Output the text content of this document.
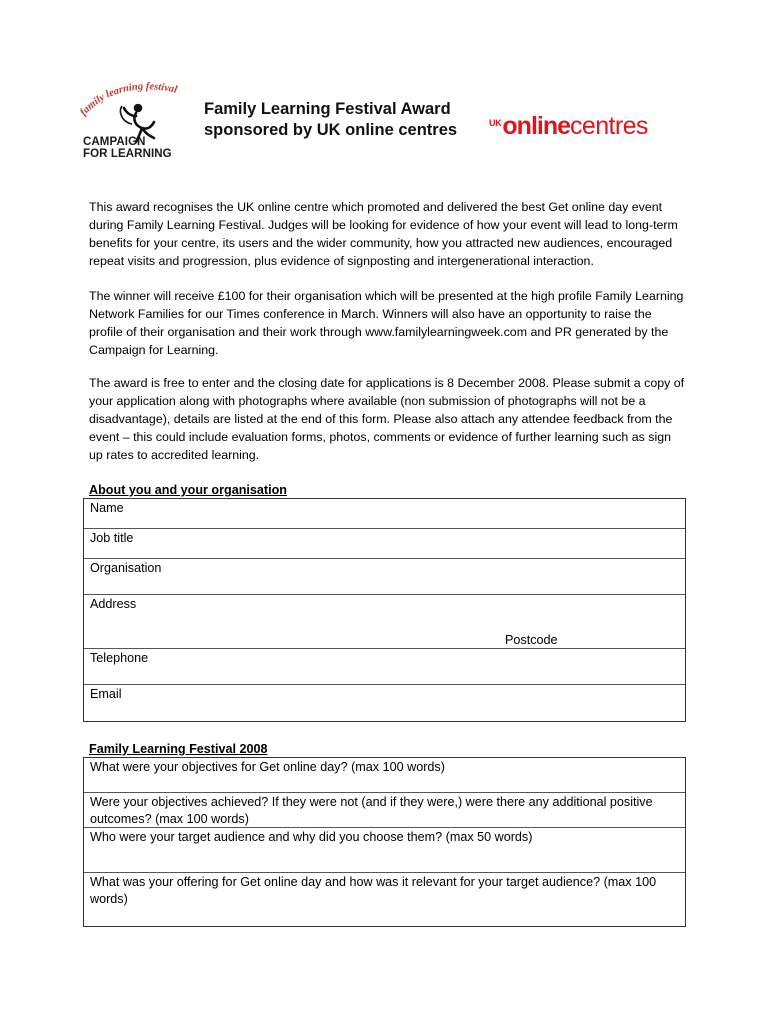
family learning festival
CAMPAIGN
FOR LEARNING
Family Learning Festival Award
sponsored by UK online centres	UK online centres

This award recognises the UK online centre which promoted and delivered the best Get online day event during Family Learning Festival. Judges will be looking for evidence of how your event will lead to long-term benefits for your centre, its users and the wider community, how you attracted new audiences, encouraged repeat visits and progression, plus evidence of signposting and intergenerational interaction.

The winner will receive £100 for their organisation which will be presented at the high profile Family Learning Network Families for our Times conference in March. Winners will also have an opportunity to raise the profile of their organisation and their work through www.familylearningweek.com and PR generated by the Campaign for Learning.

The award is free to enter and the closing date for applications is 8 December 2008. Please submit a copy of your application along with photographs where available (non submission of photographs will not be a disadvantage), details are listed at the end of this form. Please also attach any attendee feedback from the event – this could include evaluation forms, photos, comments or evidence of further learning such as sign up rates to accredited learning.

About you and your organisation
Name
Job title
Organisation
Address
Postcode
Telephone
Email
Family Learning Festival 2008
What were your objectives for Get online day? (max 100 words)
Were your objectives achieved? If they were not (and if they were,) were there any additional positive outcomes? (max 100 words)
Who were your target audience and why did you choose them? (max 50 words)
What was your offering for Get online day and how was it relevant for your target audience? (max 100 words)
